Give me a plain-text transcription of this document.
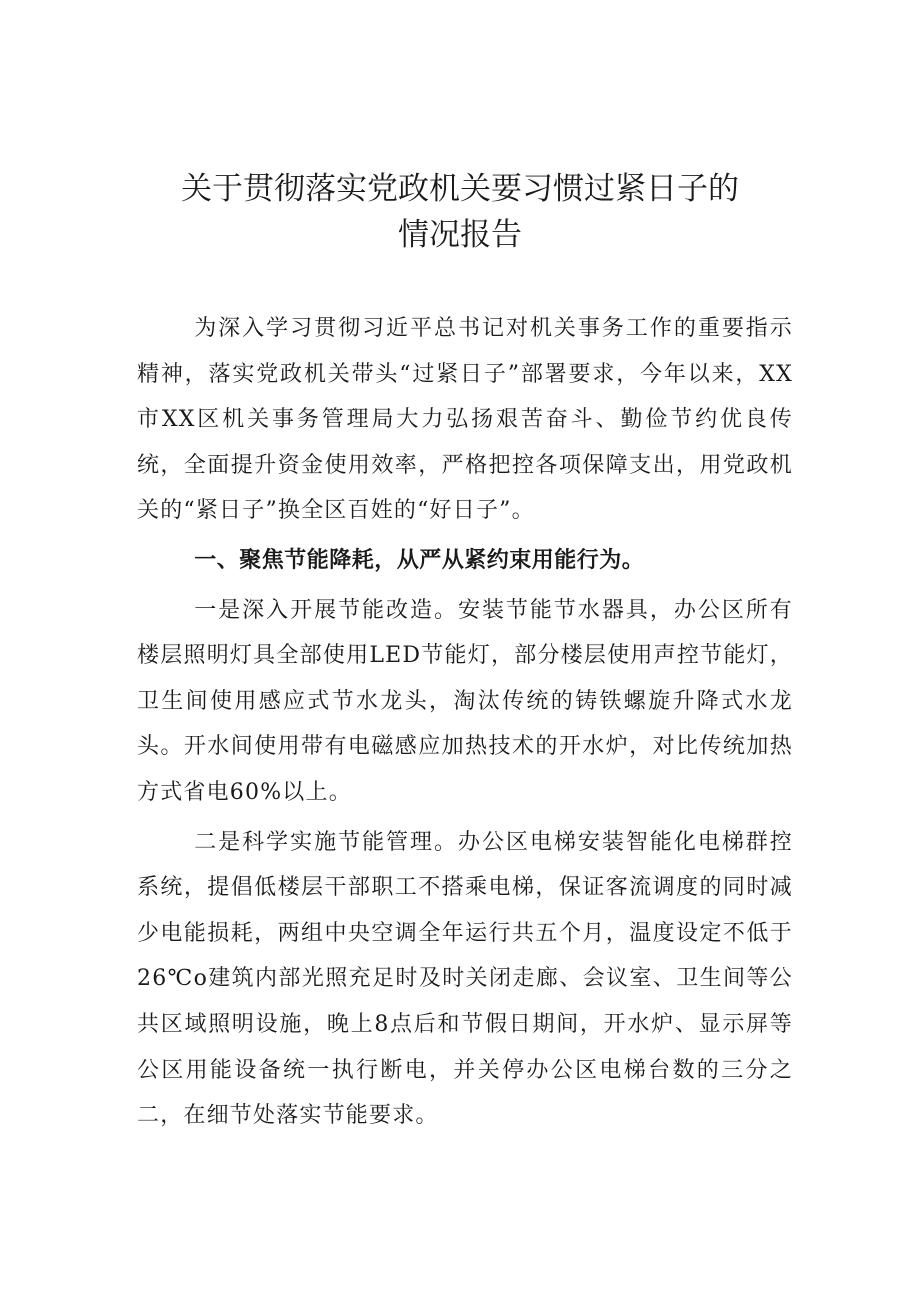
关于贯彻落实党政机关要习惯过紧日子的
情况报告

为深入学习贯彻习近平总书记对机关事务工作的重要指示精神，落实党政机关带头“过紧日子”部署要求，今年以来，XX市XX区机关事务管理局大力弘扬艰苦奋斗、勤俭节约优良传统，全面提升资金使用效率，严格把控各项保障支出，用党政机关的“紧日子”换全区百姓的“好日子”。

一、聚焦节能降耗，从严从紧约束用能行为。

一是深入开展节能改造。安装节能节水器具，办公区所有楼层照明灯具全部使用LED节能灯，部分楼层使用声控节能灯，卫生间使用感应式节水龙头，淘汰传统的铸铁螺旋升降式水龙头。开水间使用带有电磁感应加热技术的开水炉，对比传统加热方式省电60%以上。

二是科学实施节能管理。办公区电梯安装智能化电梯群控系统，提倡低楼层干部职工不搭乘电梯，保证客流调度的同时减少电能损耗，两组中央空调全年运行共五个月，温度设定不低于26℃o建筑内部光照充足时及时关闭走廊、会议室、卫生间等公共区域照明设施，晚上8点后和节假日期间，开水炉、显示屏等公区用能设备统一执行断电，并关停办公区电梯台数的三分之二，在细节处落实节能要求。
